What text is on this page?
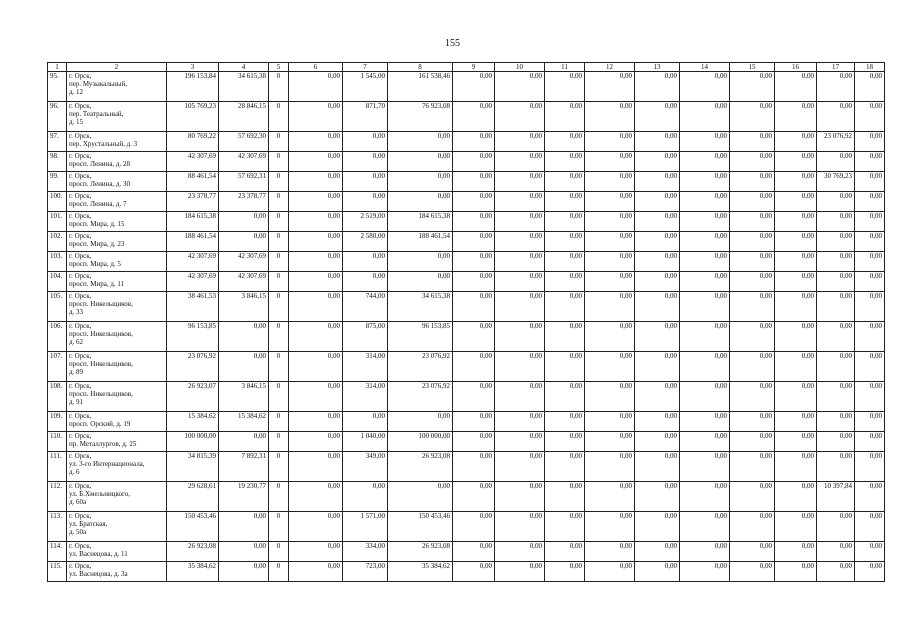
155
1	2	3	4	5	6	7	8	9	10	11	12	13	14	15	16	17	18
95.	г. Орск,
пер. Музыкальный,
д. 12	196 153,84	34 615,38	0	0,00	1 545,00	161 538,46	0,00	0,00	0,00	0,00	0,00	0,00	0,00	0,00	0,00	0,00
96.	г. Орск,
пер. Театральный,
д. 15	105 769,23	28 846,15	0	0,00	871,70	76 923,08	0,00	0,00	0,00	0,00	0,00	0,00	0,00	0,00	0,00	0,00
97.	г. Орск,
пер. Хрустальный, д. 3	80 769,22	57 692,30	0	0,00	0,00	0,00	0,00	0,00	0,00	0,00	0,00	0,00	0,00	0,00	23 076,92	0,00
98.	г. Орск,
просп. Ленина, д. 28	42 307,69	42 307,69	0	0,00	0,00	0,00	0,00	0,00	0,00	0,00	0,00	0,00	0,00	0,00	0,00	0,00
99.	г. Орск,
просп. Ленина, д. 30	88 461,54	57 692,31	0	0,00	0,00	0,00	0,00	0,00	0,00	0,00	0,00	0,00	0,00	0,00	30 769,23	0,00
100.	г. Орск,
просп. Ленина, д. 7	23 378,77	23 378,77	0	0,00	0,00	0,00	0,00	0,00	0,00	0,00	0,00	0,00	0,00	0,00	0,00	0,00
101.	г. Орск,
просп. Мира, д. 15	184 615,38	0,00	0	0,00	2 519,00	184 615,38	0,00	0,00	0,00	0,00	0,00	0,00	0,00	0,00	0,00	0,00
102.	г. Орск,
просп. Мира, д. 23	188 461,54	0,00	0	0,00	2 580,00	188 461,54	0,00	0,00	0,00	0,00	0,00	0,00	0,00	0,00	0,00	0,00
103.	г. Орск,
просп. Мира, д. 5	42 307,69	42 307,69	0	0,00	0,00	0,00	0,00	0,00	0,00	0,00	0,00	0,00	0,00	0,00	0,00	0,00
104.	г. Орск,
просп. Мира, д. 11	42 307,69	42 307,69	0	0,00	0,00	0,00	0,00	0,00	0,00	0,00	0,00	0,00	0,00	0,00	0,00	0,00
105.	г. Орск,
просп. Никельщиков,
д. 33	38 461,53	3 846,15	0	0,00	744,00	34 615,38	0,00	0,00	0,00	0,00	0,00	0,00	0,00	0,00	0,00	0,00
106.	г. Орск,
просп. Никельщиков,
д. 62	96 153,85	0,00	0	0,00	875,00	96 153,85	0,00	0,00	0,00	0,00	0,00	0,00	0,00	0,00	0,00	0,00
107.	г. Орск,
просп. Никельщиков,
д. 89	23 076,92	0,00	0	0,00	314,00	23 076,92	0,00	0,00	0,00	0,00	0,00	0,00	0,00	0,00	0,00	0,00
108.	г. Орск,
просп. Никельщиков,
д. 91	26 923,07	3 846,15	0	0,00	314,00	23 076,92	0,00	0,00	0,00	0,00	0,00	0,00	0,00	0,00	0,00	0,00
109.	г. Орск,
просп. Орский, д. 19	15 384,62	15 384,62	0	0,00	0,00	0,00	0,00	0,00	0,00	0,00	0,00	0,00	0,00	0,00	0,00	0,00
110.	г. Орск,
пр. Металлургов, д. 25	100 000,00	0,00	0	0,00	1 040,00	100 000,00	0,00	0,00	0,00	0,00	0,00	0,00	0,00	0,00	0,00	0,00
111.	г. Орск,
ул. 3-го Интернационала,
д. 6	34 815,39	7 892,31	0	0,00	349,00	26 923,08	0,00	0,00	0,00	0,00	0,00	0,00	0,00	0,00	0,00	0,00
112.	г. Орск,
ул. Б.Хмельницкого,
д. 60а	29 628,61	19 230,77	0	0,00	0,00	0,00	0,00	0,00	0,00	0,00	0,00	0,00	0,00	0,00	10 397,84	0,00
113.	г. Орск,
ул. Братская,
д. 50а	150 453,46	0,00	0	0,00	1 571,00	150 453,46	0,00	0,00	0,00	0,00	0,00	0,00	0,00	0,00	0,00	0,00
114.	г. Орск,
ул. Васнецова, д. 11	26 923,08	0,00	0	0,00	334,00	26 923,08	0,00	0,00	0,00	0,00	0,00	0,00	0,00	0,00	0,00	0,00
115.	г. Орск,
ул. Васнецова, д. 3а	35 384,62	0,00	0	0,00	723,00	35 384,62	0,00	0,00	0,00	0,00	0,00	0,00	0,00	0,00	0,00	0,00
